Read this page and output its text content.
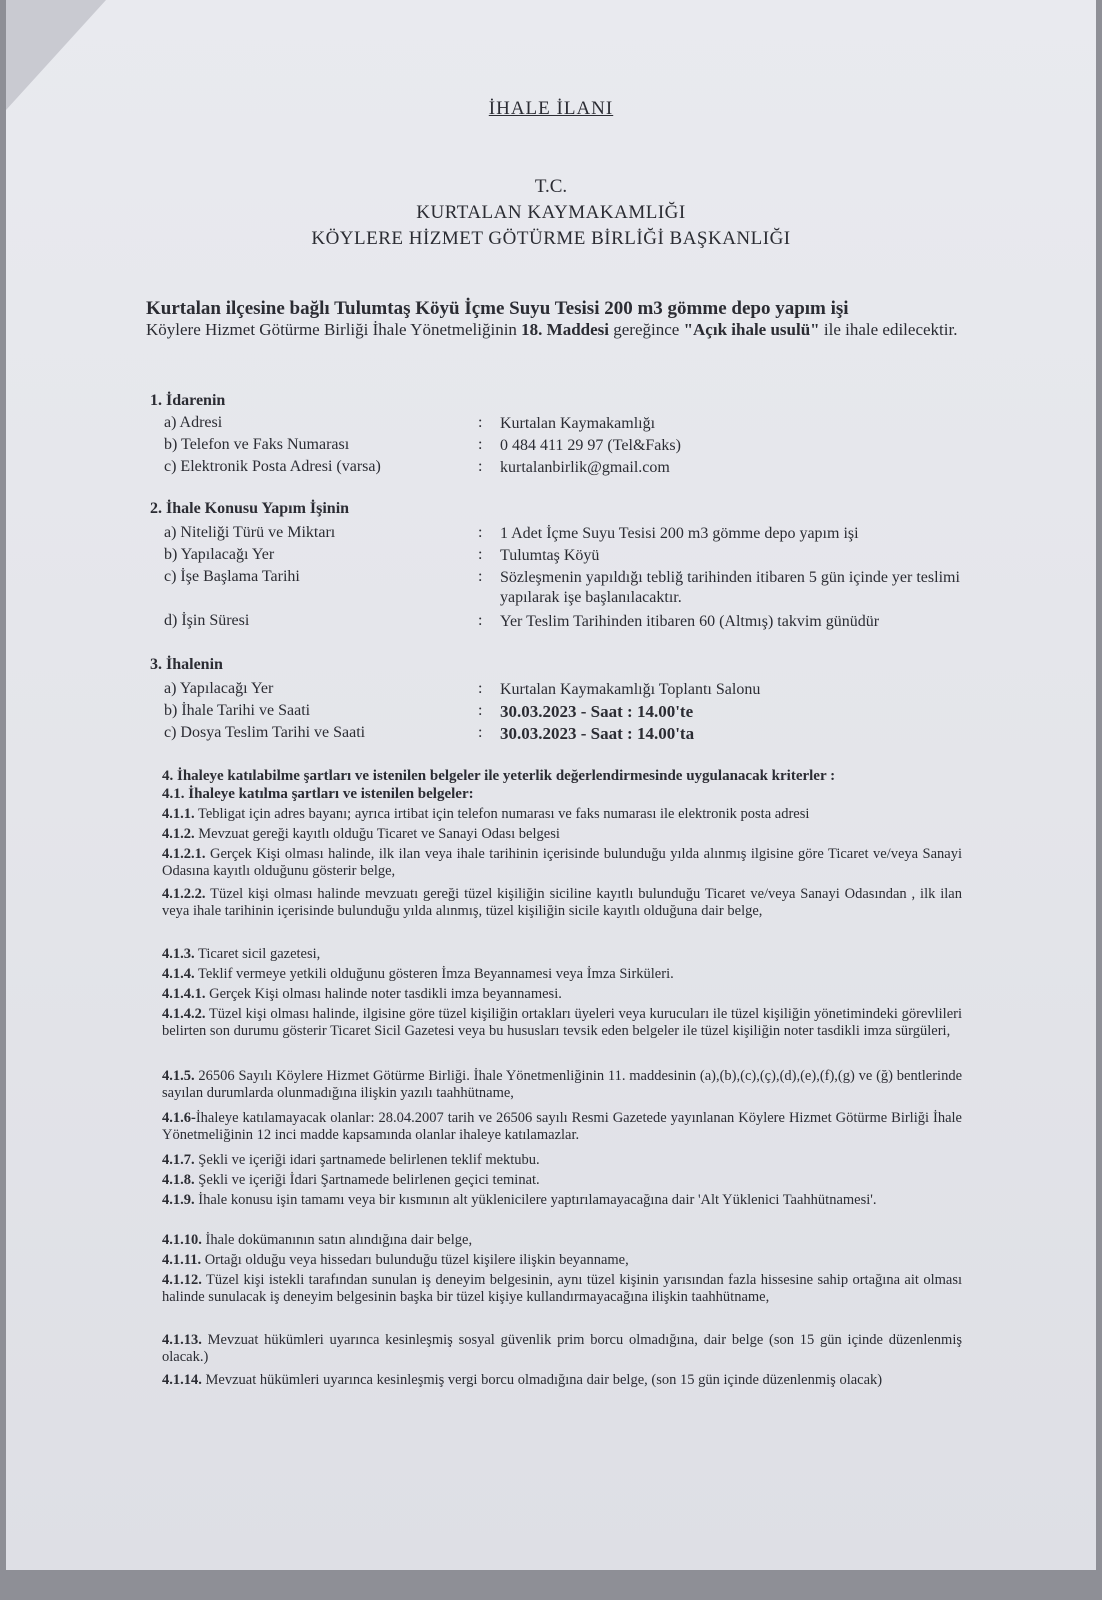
İHALE İLANI
T.C.
KURTALAN KAYMAKAMLIĞI
KÖYLERE HİZMET GÖTÜRME BİRLİĞİ BAŞKANLIĞI
Kurtalan ilçesine bağlı Tulumtaş Köyü İçme Suyu Tesisi 200 m3 gömme depo yapım işi
Köylere Hizmet Götürme Birliği İhale Yönetmeliğinin 18. Maddesi gereğince "Açık ihale usulü" ile ihale edilecektir.
1. İdarenin
a) Adresi	: Kurtalan Kaymakamlığı
b) Telefon ve Faks Numarası	: 0 484 411 29 97 (Tel&Faks)
c) Elektronik Posta Adresi (varsa)	: kurtalanbirlik@gmail.com
2. İhale Konusu Yapım İşinin
a) Niteliği Türü ve Miktarı	: 1 Adet İçme Suyu Tesisi 200 m3 gömme depo yapım işi
b) Yapılacağı Yer	: Tulumtaş Köyü
c) İşe Başlama Tarihi	: Sözleşmenin yapıldığı tebliğ tarihinden itibaren 5 gün içinde yer teslimi yapılarak işe başlanılacaktır.
d) İşin Süresi	: Yer Teslim Tarihinden itibaren 60 (Altmış) takvim günüdür
3. İhalenin
a) Yapılacağı Yer	: Kurtalan Kaymakamlığı Toplantı Salonu
b) İhale Tarihi ve Saati	: 30.03.2023 - Saat : 14.00'te
c) Dosya Teslim Tarihi ve Saati	: 30.03.2023 - Saat : 14.00'ta
4. İhaleye katılabilme şartları ve istenilen belgeler ile yeterlik değerlendirmesinde uygulanacak kriterler :
4.1. İhaleye katılma şartları ve istenilen belgeler:
4.1.1. Tebligat için adres bayanı; ayrıca irtibat için telefon numarası ve faks numarası ile elektronik posta adresi
4.1.2. Mevzuat gereği kayıtlı olduğu Ticaret ve Sanayi Odası belgesi
4.1.2.1. Gerçek Kişi olması halinde, ilk ilan veya ihale tarihinin içerisinde bulunduğu yılda alınmış ilgisine göre Ticaret ve/veya Sanayi Odasına kayıtlı olduğunu gösterir belge,
4.1.2.2. Tüzel kişi olması halinde mevzuatı gereği tüzel kişiliğin siciline kayıtlı bulunduğu Ticaret ve/veya Sanayi Odasından , ilk ilan veya ihale tarihinin içerisinde bulunduğu yılda alınmış, tüzel kişiliğin sicile kayıtlı olduğuna dair belge,
4.1.3. Ticaret sicil gazetesi,
4.1.4. Teklif vermeye yetkili olduğunu gösteren İmza Beyannamesi veya İmza Sirküleri.
4.1.4.1. Gerçek Kişi olması halinde noter tasdikli imza beyannamesi.
4.1.4.2. Tüzel kişi olması halinde, ilgisine göre tüzel kişiliğin ortakları üyeleri veya kurucuları ile tüzel kişiliğin yönetimindeki görevlileri belirten son durumu gösterir Ticaret Sicil Gazetesi veya bu hususları tevsik eden belgeler ile tüzel kişiliğin noter tasdikli imza sürgüleri,
4.1.5. 26506 Sayılı Köylere Hizmet Götürme Birliği. İhale Yönetmenliğinin 11. maddesinin (a),(b),(c),(ç),(d),(e),(f),(g) ve (ğ) bentlerinde sayılan durumlarda olunmadığına ilişkin yazılı taahhütname,
4.1.6-İhaleye katılamayacak olanlar: 28.04.2007 tarih ve 26506 sayılı Resmi Gazetede yayınlanan Köylere Hizmet Götürme Birliği İhale Yönetmeliğinin 12 inci madde kapsamında olanlar ihaleye katılamazlar.
4.1.7. Şekli ve içeriği idari şartnamede belirlenen teklif mektubu.
4.1.8. Şekli ve içeriği İdari Şartnamede belirlenen geçici teminat.
4.1.9. İhale konusu işin tamamı veya bir kısmının alt yüklenicilere yaptırılamayacağına dair 'Alt Yüklenici Taahhütnamesi'.
4.1.10. İhale dokümanının satın alındığına dair belge,
4.1.11. Ortağı olduğu veya hissedarı bulunduğu tüzel kişilere ilişkin beyanname,
4.1.12. Tüzel kişi istekli tarafından sunulan iş deneyim belgesinin, aynı tüzel kişinin yarısından fazla hissesine sahip ortağına ait olması halinde sunulacak iş deneyim belgesinin başka bir tüzel kişiye kullandırmayacağına ilişkin taahhütname,
4.1.13. Mevzuat hükümleri uyarınca kesinleşmiş sosyal güvenlik prim borcu olmadığına, dair belge (son 15 gün içinde düzenlenmiş olacak.)
4.1.14. Mevzuat hükümleri uyarınca kesinleşmiş vergi borcu olmadığına dair belge, (son 15 gün içinde düzenlenmiş olacak)
